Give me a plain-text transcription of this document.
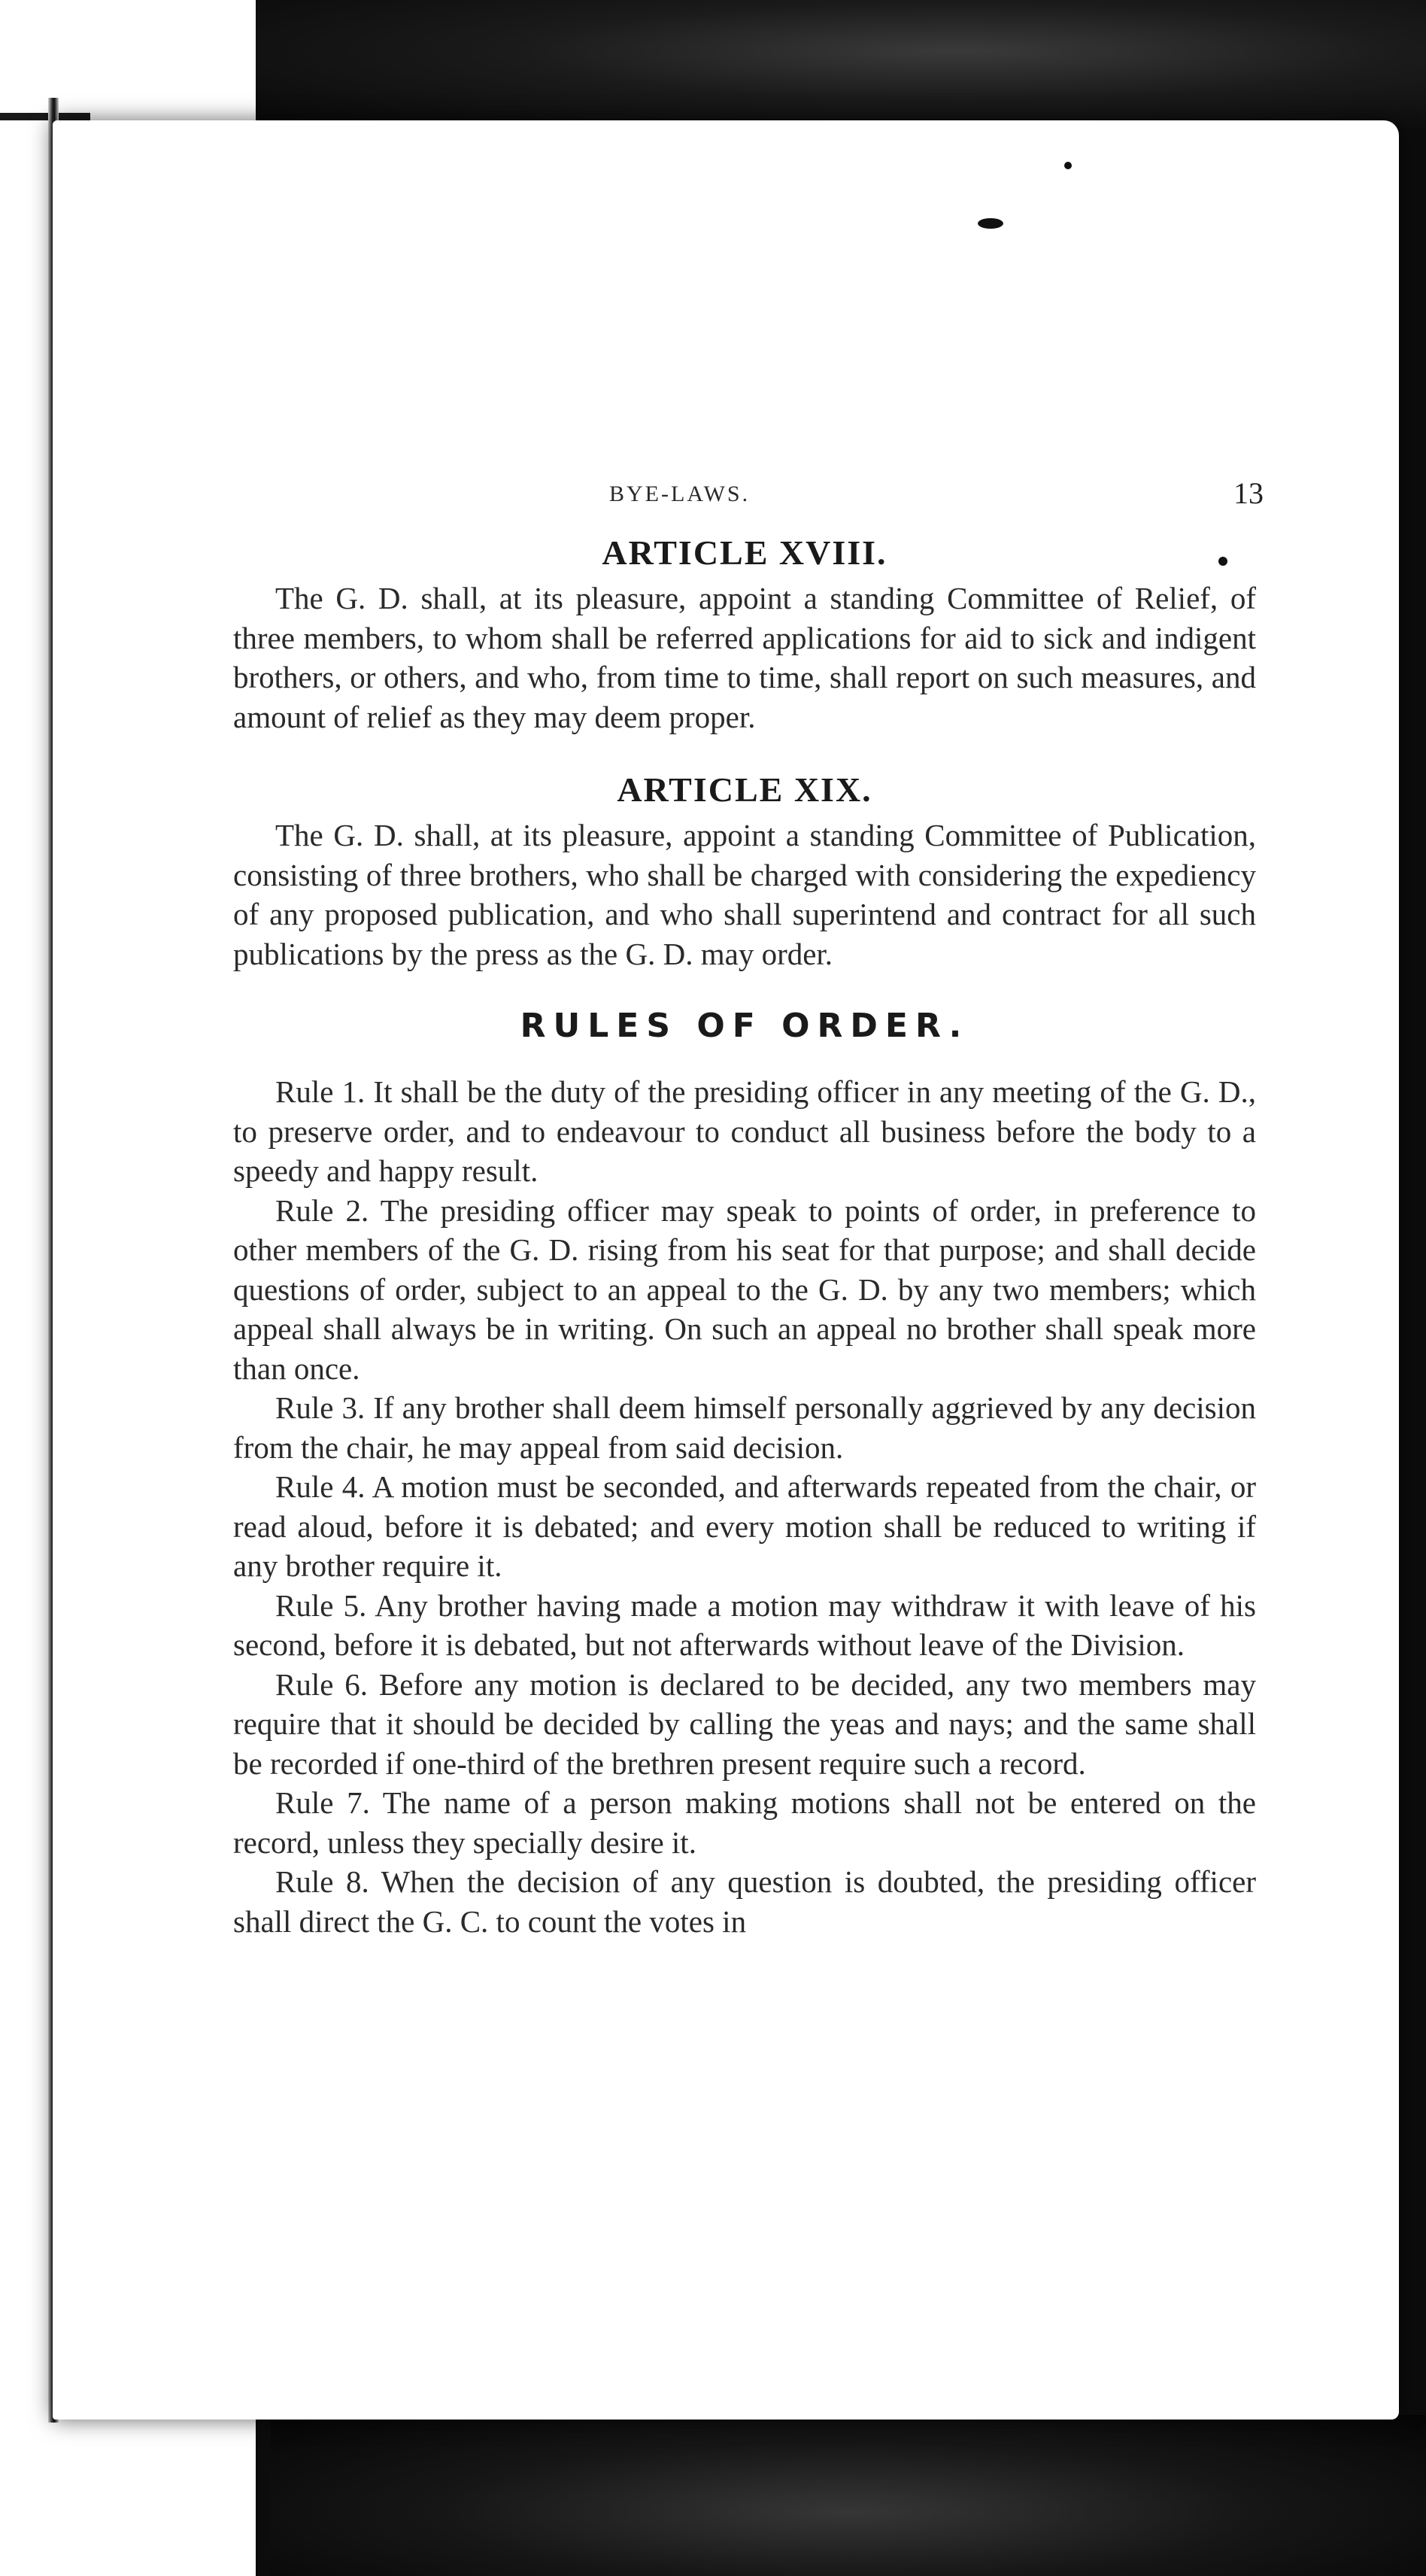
BYE-LAWS.	13
ARTICLE XVIII.

The G. D. shall, at its pleasure, appoint a standing Committee of Relief, of three members, to whom shall be referred applications for aid to sick and indigent brothers, or others, and who, from time to time, shall report on such measures, and amount of relief as they may deem proper.

ARTICLE XIX.

The G. D. shall, at its pleasure, appoint a standing Committee of Publication, consisting of three brothers, who shall be charged with considering the expediency of any proposed publication, and who shall superintend and contract for all such publications by the press as the G. D. may order.

RULES OF ORDER.

Rule 1. It shall be the duty of the presiding officer in any meeting of the G. D., to preserve order, and to endeavour to conduct all business before the body to a speedy and happy result.

Rule 2. The presiding officer may speak to points of order, in preference to other members of the G. D. rising from his seat for that purpose; and shall decide questions of order, subject to an appeal to the G. D. by any two members; which appeal shall always be in writing. On such an appeal no brother shall speak more than once.

Rule 3. If any brother shall deem himself personally aggrieved by any decision from the chair, he may appeal from said decision.

Rule 4. A motion must be seconded, and afterwards repeated from the chair, or read aloud, before it is debated; and every motion shall be reduced to writing if any brother require it.

Rule 5. Any brother having made a motion may withdraw it with leave of his second, before it is debated, but not afterwards without leave of the Division.

Rule 6. Before any motion is declared to be decided, any two members may require that it should be decided by calling the yeas and nays; and the same shall be recorded if one-third of the brethren present require such a record.

Rule 7. The name of a person making motions shall not be entered on the record, unless they specially desire it.

Rule 8. When the decision of any question is doubted, the presiding officer shall direct the G. C. to count the votes in
